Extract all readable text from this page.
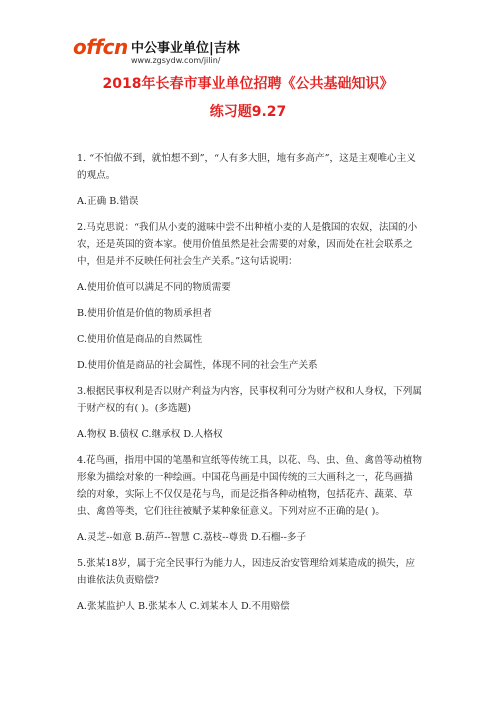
offcn 中公事业单位|吉林
www.zgsydw.com/jilin/
2018年长春市事业单位招聘《公共基础知识》
练习题9.27

1. “不怕做不到，就怕想不到”，“人有多大胆，地有多高产”，这是主观唯心主义的观点。

A.正确 B.错误

2.马克思说：“我们从小麦的滋味中尝不出种植小麦的人是俄国的农奴，法国的小农，还是英国的资本家。使用价值虽然是社会需要的对象，因而处在社会联系之中，但是并不反映任何社会生产关系。”这句话说明：

A.使用价值可以满足不同的物质需要

B.使用价值是价值的物质承担者

C.使用价值是商品的自然属性

D.使用价值是商品的社会属性，体现不同的社会生产关系

3.根据民事权利是否以财产利益为内容，民事权利可分为财产权和人身权，下列属于财产权的有( )。(多选题)

A.物权 B.债权 C.继承权 D.人格权

4.花鸟画，指用中国的笔墨和宣纸等传统工具，以花、鸟、虫、鱼、禽兽等动植物形象为描绘对象的一种绘画。中国花鸟画是中国传统的三大画科之一，花鸟画描绘的对象，实际上不仅仅是花与鸟，而是泛指各种动植物，包括花卉、蔬菜、草虫、禽兽等类，它们往往被赋予某种象征意义。下列对应不正确的是( )。

A.灵芝--如意 B.葫芦--智慧 C.荔枝--尊贵 D.石榴--多子

5.张某18岁，属于完全民事行为能力人，因违反治安管理给刘某造成的损失，应由谁依法负责赔偿?

A.张某监护人 B.张某本人 C.刘某本人 D.不用赔偿
